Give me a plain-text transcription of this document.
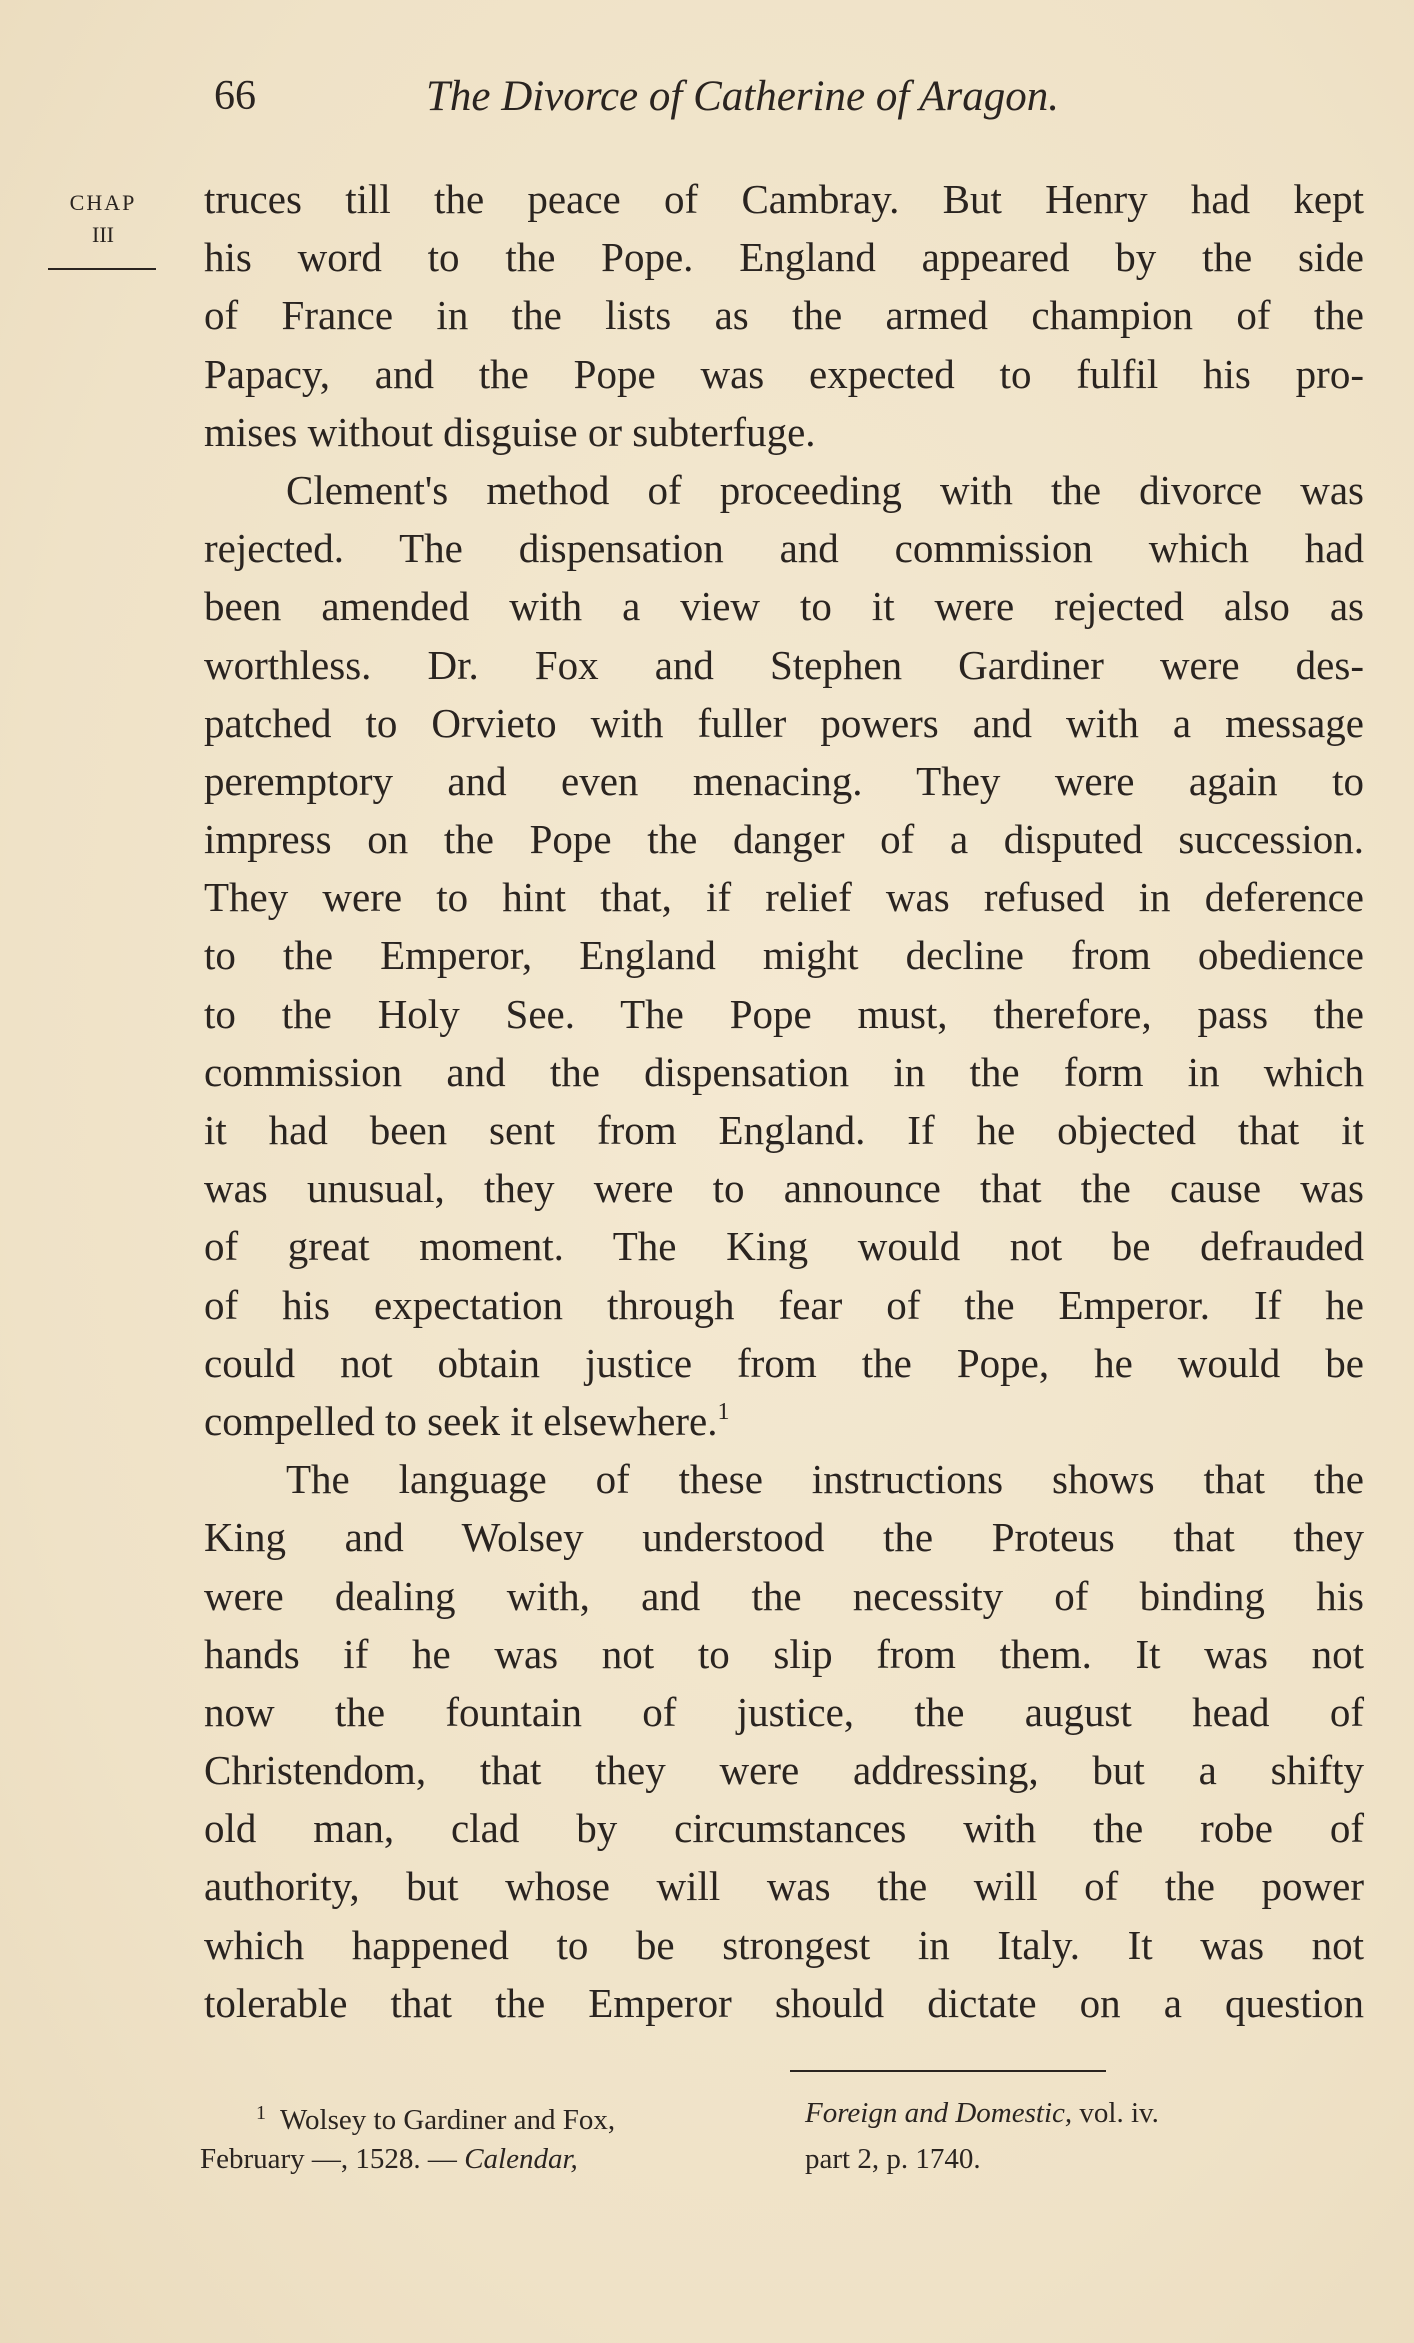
66	The Divorce of Catherine of Aragon.
CHAP
III
truces till the peace of Cambray. But Henry had kept
his word to the Pope. England appeared by the side
of France in the lists as the armed champion of the
Papacy, and the Pope was expected to fulfil his pro-
mises without disguise or subterfuge.
Clement's method of proceeding with the divorce was
rejected. The dispensation and commission which had
been amended with a view to it were rejected also as
worthless. Dr. Fox and Stephen Gardiner were des-
patched to Orvieto with fuller powers and with a message
peremptory and even menacing. They were again to
impress on the Pope the danger of a disputed succession.
They were to hint that, if relief was refused in deference
to the Emperor, England might decline from obedience
to the Holy See. The Pope must, therefore, pass the
commission and the dispensation in the form in which
it had been sent from England. If he objected that it
was unusual, they were to announce that the cause was
of great moment. The King would not be defrauded
of his expectation through fear of the Emperor. If he
could not obtain justice from the Pope, he would be
compelled to seek it elsewhere.$^1$
The language of these instructions shows that the
King and Wolsey understood the Proteus that they
were dealing with, and the necessity of binding his
hands if he was not to slip from them. It was not
now the fountain of justice, the august head of
Christendom, that they were addressing, but a shifty
old man, clad by circumstances with the robe of
authority, but whose will was the will of the power
which happened to be strongest in Italy. It was not
tolerable that the Emperor should dictate on a question
$^1$ Wolsey to Gardiner and Fox,	Foreign and Domestic, vol. iv.
February —, 1528. — Calendar,	part 2, p. 1740.
